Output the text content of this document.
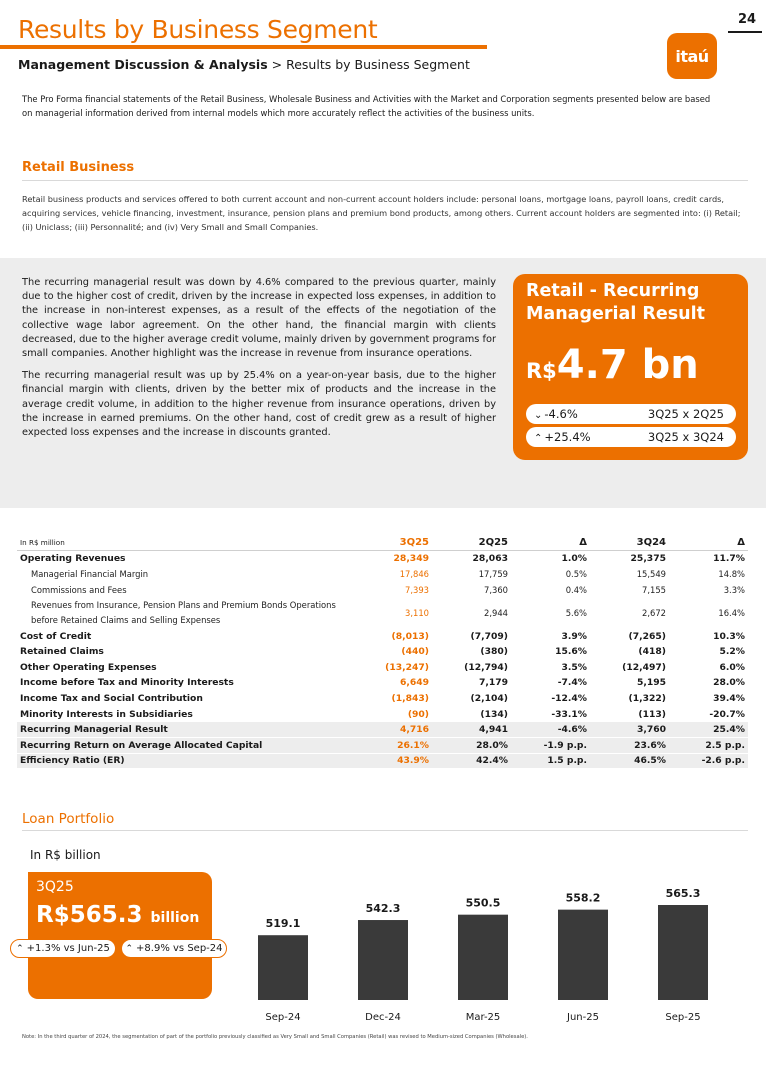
24
Results by Business Segment
itaú
Management Discussion & Analysis > Results by Business Segment

The Pro Forma financial statements of the Retail Business, Wholesale Business and Activities with the Market and Corporation segments presented below are based on managerial information derived from internal models which more accurately reflect the activities of the business units.

Retail Business

Retail business products and services offered to both current account and non-current account holders include: personal loans, mortgage loans, payroll loans, credit cards, acquiring services, vehicle financing, investment, insurance, pension plans and premium bond products, among others. Current account holders are segmented into: (i) Retail; (ii) Uniclass; (iii) Personnalité; and (iv) Very Small and Small Companies.

The recurring managerial result was down by 4.6% compared to the previous quarter, mainly due to the higher cost of credit, driven by the increase in expected loss expenses, in addition to the increase in non-interest expenses, as a result of the effects of the negotiation of the collective wage labor agreement. On the other hand, the financial margin with clients decreased, due to the higher average credit volume, mainly driven by government programs for small companies. Another highlight was the increase in revenue from insurance operations.

The recurring managerial result was up by 25.4% on a year-on-year basis, due to the higher financial margin with clients, driven by the better mix of products and the increase in the average credit volume, in addition to the higher revenue from insurance operations, driven by the increase in earned premiums. On the other hand, cost of credit grew as a result of higher expected loss expenses and the increase in discounts granted.

Retail - Recurring Managerial Result
R$4.7 bn
⌄ -4.6%	3Q25 x 2Q25
⌃ +25.4%	3Q25 x 3Q24
In R$ million	3Q25	2Q25	Δ	3Q24	Δ
Operating Revenues	28,349	28,063	1.0%	25,375	11.7%
Managerial Financial Margin	17,846	17,759	0.5%	15,549	14.8%
Commissions and Fees	7,393	7,360	0.4%	7,155	3.3%
Revenues from Insurance, Pension Plans and Premium Bonds Operations before Retained Claims and Selling Expenses	3,110	2,944	5.6%	2,672	16.4%
Cost of Credit	(8,013)	(7,709)	3.9%	(7,265)	10.3%
Retained Claims	(440)	(380)	15.6%	(418)	5.2%
Other Operating Expenses	(13,247)	(12,794)	3.5%	(12,497)	6.0%
Income before Tax and Minority Interests	6,649	7,179	-7.4%	5,195	28.0%
Income Tax and Social Contribution	(1,843)	(2,104)	-12.4%	(1,322)	39.4%
Minority Interests in Subsidiaries	(90)	(134)	-33.1%	(113)	-20.7%
Recurring Managerial Result	4,716	4,941	-4.6%	3,760	25.4%
Recurring Return on Average Allocated Capital	26.1%	28.0%	-1.9 p.p.	23.6%	2.5 p.p.
Efficiency Ratio (ER)	43.9%	42.4%	1.5 p.p.	46.5%	-2.6 p.p.
Loan Portfolio
In R$ billion
3Q25
R$565.3 billion
⌃ +1.3% vs Jun-25 ⌃ +8.9% vs Sep-24
519.1
Sep-24
542.3
Dec-24
550.5
Mar-25
558.2
Jun-25
565.3
Sep-25
Note: In the third quarter of 2024, the segmentation of part of the portfolio previously classified as Very Small and Small Companies (Retail) was revised to Medium-sized Companies (Wholesale).
